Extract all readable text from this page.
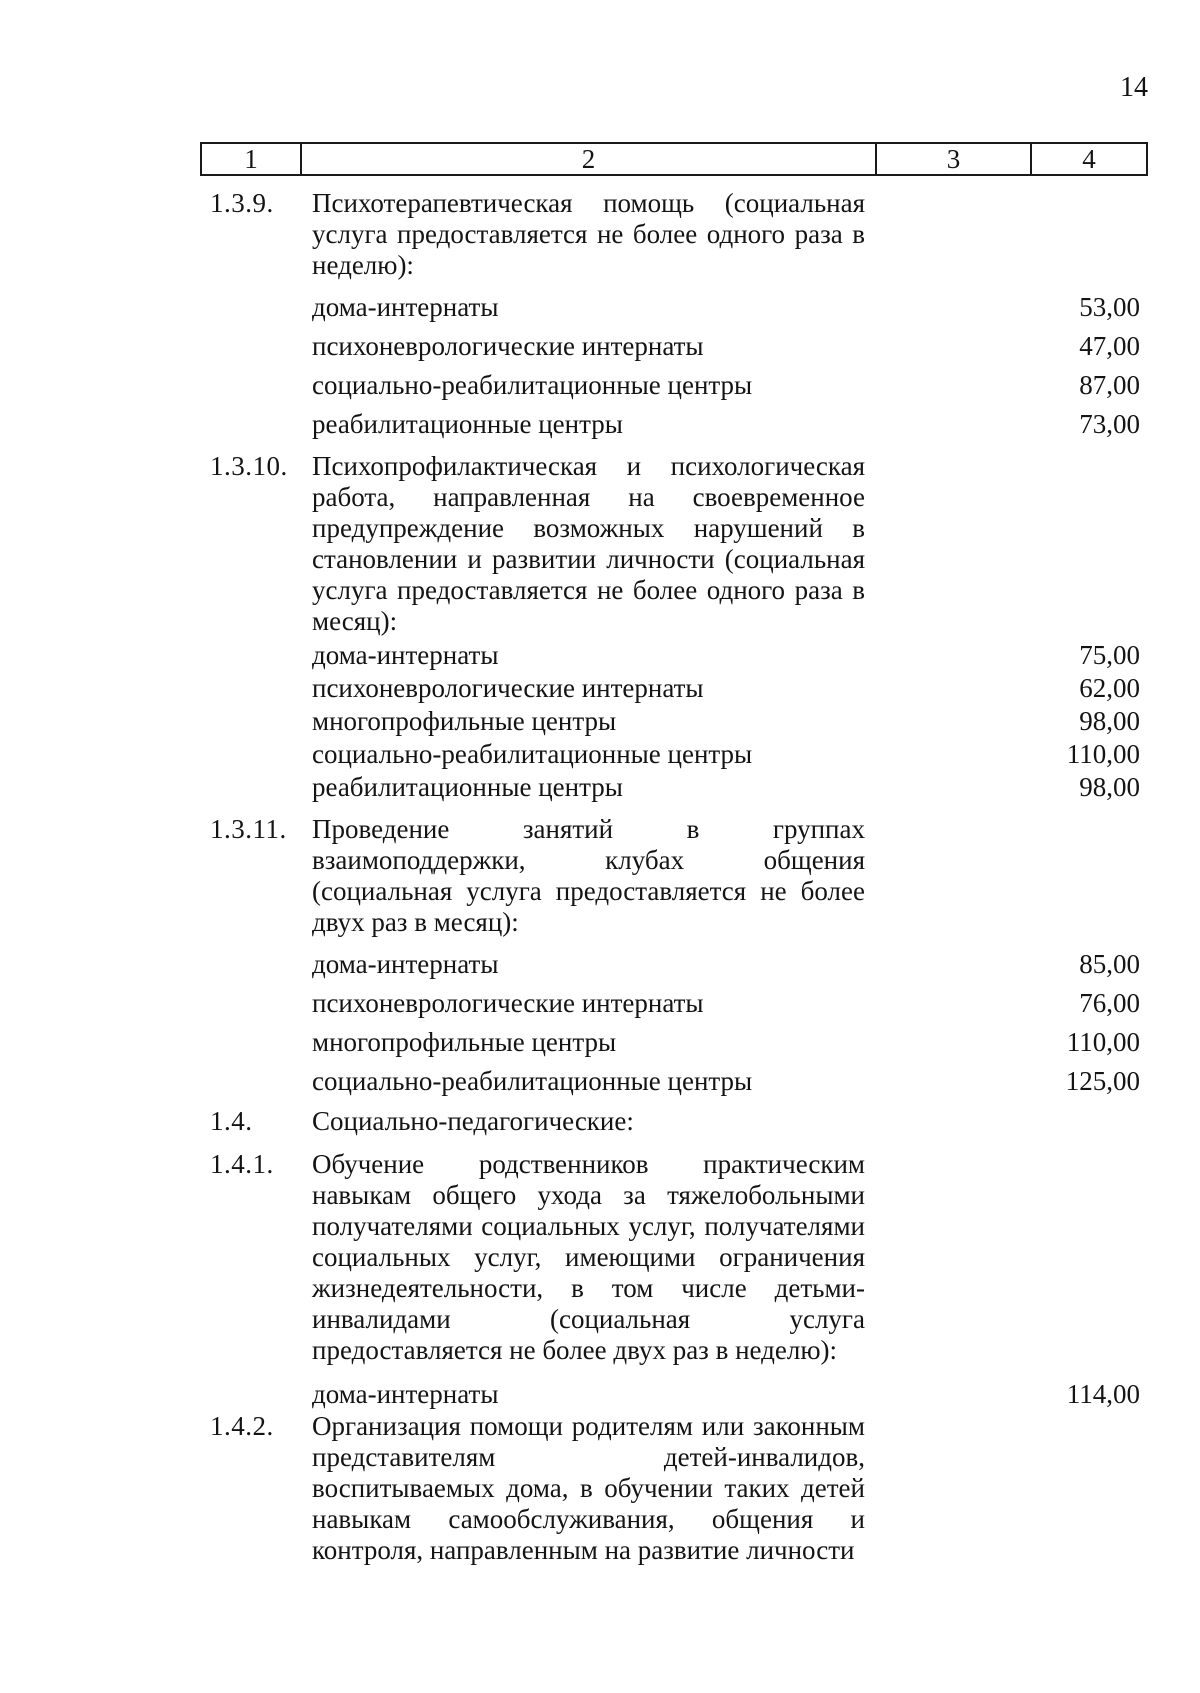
14
1	2	3	4
1.3.9.	Психотерапевтическая помощь (социальная услуга предоставляется не более одного раза в неделю):
дома-интернаты	53,00
психоневрологические интернаты	47,00
социально-реабилитационные центры	87,00
реабилитационные центры	73,00
1.3.10. Психопрофилактическая и психологическая работа, направленная на своевременное предупреждение возможных нарушений в становлении и развитии личности (социальная услуга предоставляется не более одного раза в месяц):
дома-интернаты	75,00
психоневрологические интернаты	62,00
многопрофильные центры	98,00
социально-реабилитационные центры	110,00
реабилитационные центры	98,00
1.3.11. Проведение занятий в группах взаимоподдержки, клубах общения (социальная услуга предоставляется не более двух раз в месяц):
дома-интернаты	85,00
психоневрологические интернаты	76,00
многопрофильные центры	110,00
социально-реабилитационные центры	125,00
1.4.	Социально-педагогические:
1.4.1.	Обучение родственников практическим навыкам общего ухода за тяжелобольными получателями социальных услуг, получателями социальных услуг, имеющими ограничения жизнедеятельности, в том числе детьми-инвалидами (социальная услуга предоставляется не более двух раз в неделю):
дома-интернаты	114,00
1.4.2.	Организация помощи родителям или законным представителям детей-инвалидов, воспитываемых дома, в обучении таких детей навыкам самообслуживания, общения и контроля, направленным на развитие личности
